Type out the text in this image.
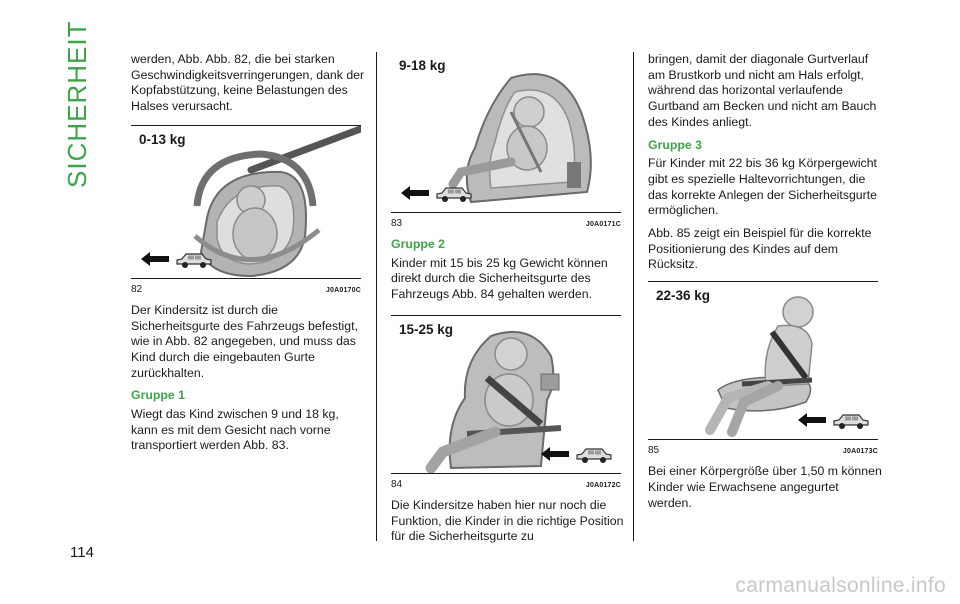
SICHERHEIT
114
carmanualsonline.info

werden, Abb. Abb. 82, die bei starken Geschwindigkeitsverringerungen, dank der Kopfabstützung, keine Belastungen des Halses verursacht.

0-13 kg
82	J0A0170C

Der Kindersitz ist durch die Sicherheitsgurte des Fahrzeugs befestigt, wie in Abb. 82 angegeben, und muss das Kind durch die eingebauten Gurte zurückhalten.

Gruppe 1

Wiegt das Kind zwischen 9 und 18 kg, kann es mit dem Gesicht nach vorne transportiert werden Abb. 83.

9-18 kg
83	J0A0171C
Gruppe 2

Kinder mit 15 bis 25 kg Gewicht können direkt durch die Sicherheitsgurte des Fahrzeugs Abb. 84 gehalten werden.

15-25 kg
84	J0A0172C

Die Kindersitze haben hier nur noch die Funktion, die Kinder in die richtige Position für die Sicherheitsgurte zu

bringen, damit der diagonale Gurtverlauf am Brustkorb und nicht am Hals erfolgt, während das horizontal verlaufende Gurtband am Becken und nicht am Bauch des Kindes anliegt.

Gruppe 3

Für Kinder mit 22 bis 36 kg Körpergewicht gibt es spezielle Haltevorrichtungen, die das korrekte Anlegen der Sicherheitsgurte ermöglichen.

Abb. 85 zeigt ein Beispiel für die korrekte Positionierung des Kindes auf dem Rücksitz.

22-36 kg
85	J0A0173C

Bei einer Körpergröße über 1,50 m können Kinder wie Erwachsene angegurtet werden.
